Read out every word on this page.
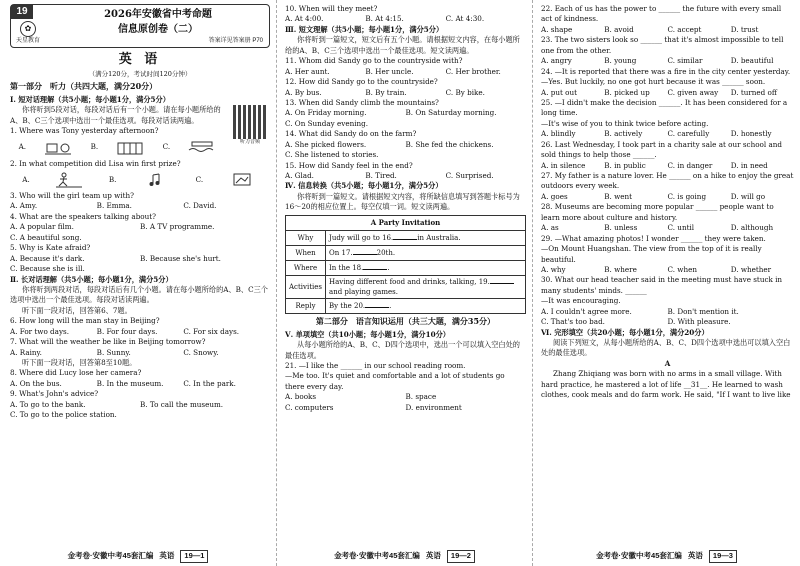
19
✿
天星教育
2026年安徽省中考命题
信息原创卷（二）
答案详见答案册 P70
英 语
（满分120分，考试时间120分钟）
第一部分　听力（共四大题，满分20分）
Ⅰ. 短对话理解（共5小题；每小题1分，满分5分）
听力音频
你将听到5段对话，每段对话后有一个小题。请在每小题所给的A、B、C三个选项中选出一个最佳选项。每段对话读两遍。
1. Where was Tony yesterday afternoon?
A.	B.	C.
2. In what competition did Lisa win first prize?
A.	B.	C.
3. Who will the girl team up with?
A. Amy.	B. Emma.	C. David.
4. What are the speakers talking about?
A. A popular film.	B. A TV programme.
C. A beautiful song.
5. Why is Kate afraid?
A. Because it's dark.	B. Because she's hurt.
C. Because she is ill.
Ⅱ. 长对话理解（共5小题；每小题1分，满分5分）
你将听到两段对话，每段对话后有几个小题。请在每小题所给的A、B、C三个选项中选出一个最佳选项。每段对话读两遍。
听下面一段对话，回答第6、7题。
6. How long will the man stay in Beijing?
A. For two days.	B. For four days.	C. For six days.
7. What will the weather be like in Beijing tomorrow?
A. Rainy.	B. Sunny.	C. Snowy.
听下面一段对话，回答第8至10题。
8. Where did Lucy lose her camera?
A. On the bus.	B. In the museum.	C. In the park.
9. What's John's advice?
A. To go to the bank.	B. To call the museum.
C. To go to the police station.
金考卷·安徽中考45套汇编 英语	19—1
10. When will they meet?
A. At 4:00.	B. At 4:15.	C. At 4:30.
Ⅲ. 短文理解（共5小题；每小题1分，满分5分）
你将听到一篇短文，短文后有五个小题。请根据短文内容，在每小题所给的A、B、C三个选项中选出一个最佳选项。短文读两遍。
11. Whom did Sandy go to the countryside with?
A. Her aunt.	B. Her uncle.	C. Her brother.
12. How did Sandy go to the countryside?
A. By bus.	B. By train.	C. By bike.
13. When did Sandy climb the mountains?
A. On Friday morning.	B. On Saturday morning.
C. On Sunday evening.
14. What did Sandy do on the farm?
A. She picked flowers.	B. She fed the chickens.
C. She listened to stories.
15. How did Sandy feel in the end?
A. Glad.	B. Tired.	C. Surprised.
Ⅳ. 信息转换（共5小题；每小题1分，满分5分）
你将听到一篇短文。请根据短文内容，将所缺信息填写到答题卡标号为16～20的相应位置上。每空仅填一词。短文读两遍。
A Party Invitation	
Why	Judy will go to 16. in Australia.
When	On 17. 20th.
Where	In the 18. .
Activities	Having different food and drinks, talking, 19. and playing games.
Reply	By the 20. .
第二部分　语言知识运用（共三大题，满分35分）
Ⅴ. 单项填空（共10小题；每小题1分，满分10分）
从每小题所给的A、B、C、D四个选项中，选出一个可以填入空白处的最佳选项。
21. —I like the ______ in our school reading room.
—Me too. It's quiet and comfortable and a lot of students go there every day.
A. books	B. space
C. computers	D. environment
金考卷·安徽中考45套汇编 英语	19—2
22. Each of us has the power to ______ the future with every small act of kindness.
A. shape	B. avoid	C. accept	D. trust
23. The two sisters look so ______ that it's almost impossible to tell one from the other.
A. angry	B. young	C. similar	D. beautiful
24. —It is reported that there was a fire in the city center yesterday.
—Yes. But luckily, no one got hurt because it was ______ soon.
A. put out	B. picked up	C. given away	D. turned off
25. —I didn't make the decision ______. It has been considered for a long time.
—It's wise of you to think twice before acting.
A. blindly	B. actively	C. carefully	D. honestly
26. Last Wednesday, I took part in a charity sale at our school and sold things to help those ______.
A. in silence	B. in public	C. in danger	D. in need
27. My father is a nature lover. He ______ on a hike to enjoy the great outdoors every week.
A. goes	B. went	C. is going	D. will go
28. Museums are becoming more popular ______ people want to learn more about culture and history.
A. as	B. unless	C. until	D. although
29. —What amazing photos! I wonder ______ they were taken.
—On Mount Huangshan. The view from the top of it is really beautiful.
A. why	B. where	C. when	D. whether
30. What our head teacher said in the meeting must have stuck in many students' minds. ______
—It was encouraging.
A. I couldn't agree more.	B. Don't mention it.
C. That's too bad.	D. With pleasure.
Ⅵ. 完形填空（共20小题；每小题1分，满分20分）
阅读下列短文，从每小题所给的A、B、C、D四个选项中选出可以填入空白处的最佳选项。
A
Zhang Zhiqiang was born with no arms in a small village. With hard practice, he mastered a lot of life __31__. He learned to wash clothes, cook meals and do farm work. He said, "If I want to live like
金考卷·安徽中考45套汇编 英语	19—3
